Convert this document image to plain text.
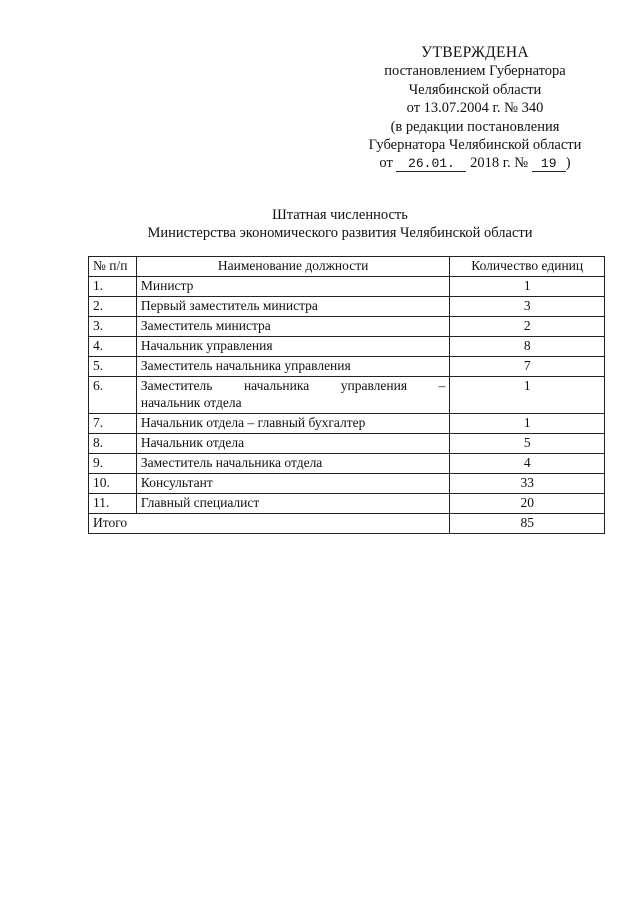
УТВЕРЖДЕНА
постановлением Губернатора
Челябинской области
от 13.07.2004 г. № 340
(в редакции постановления
Губернатора Челябинской области
от 26.01. 2018 г. № 19 )
Штатная численность
Министерства экономического развития Челябинской области
№ п/п	Наименование должности	Количество единиц
1.	Министр	1
2.	Первый заместитель министра	3
3.	Заместитель министра	2
4.	Начальник управления	8
5.	Заместитель начальника управления	7
6.	Заместитель начальника управления –
начальник отдела	1
7.	Начальник отдела – главный бухгалтер	1
8.	Начальник отдела	5
9.	Заместитель начальника отдела	4
10.	Консультант	33
11.	Главный специалист	20
Итого		85
